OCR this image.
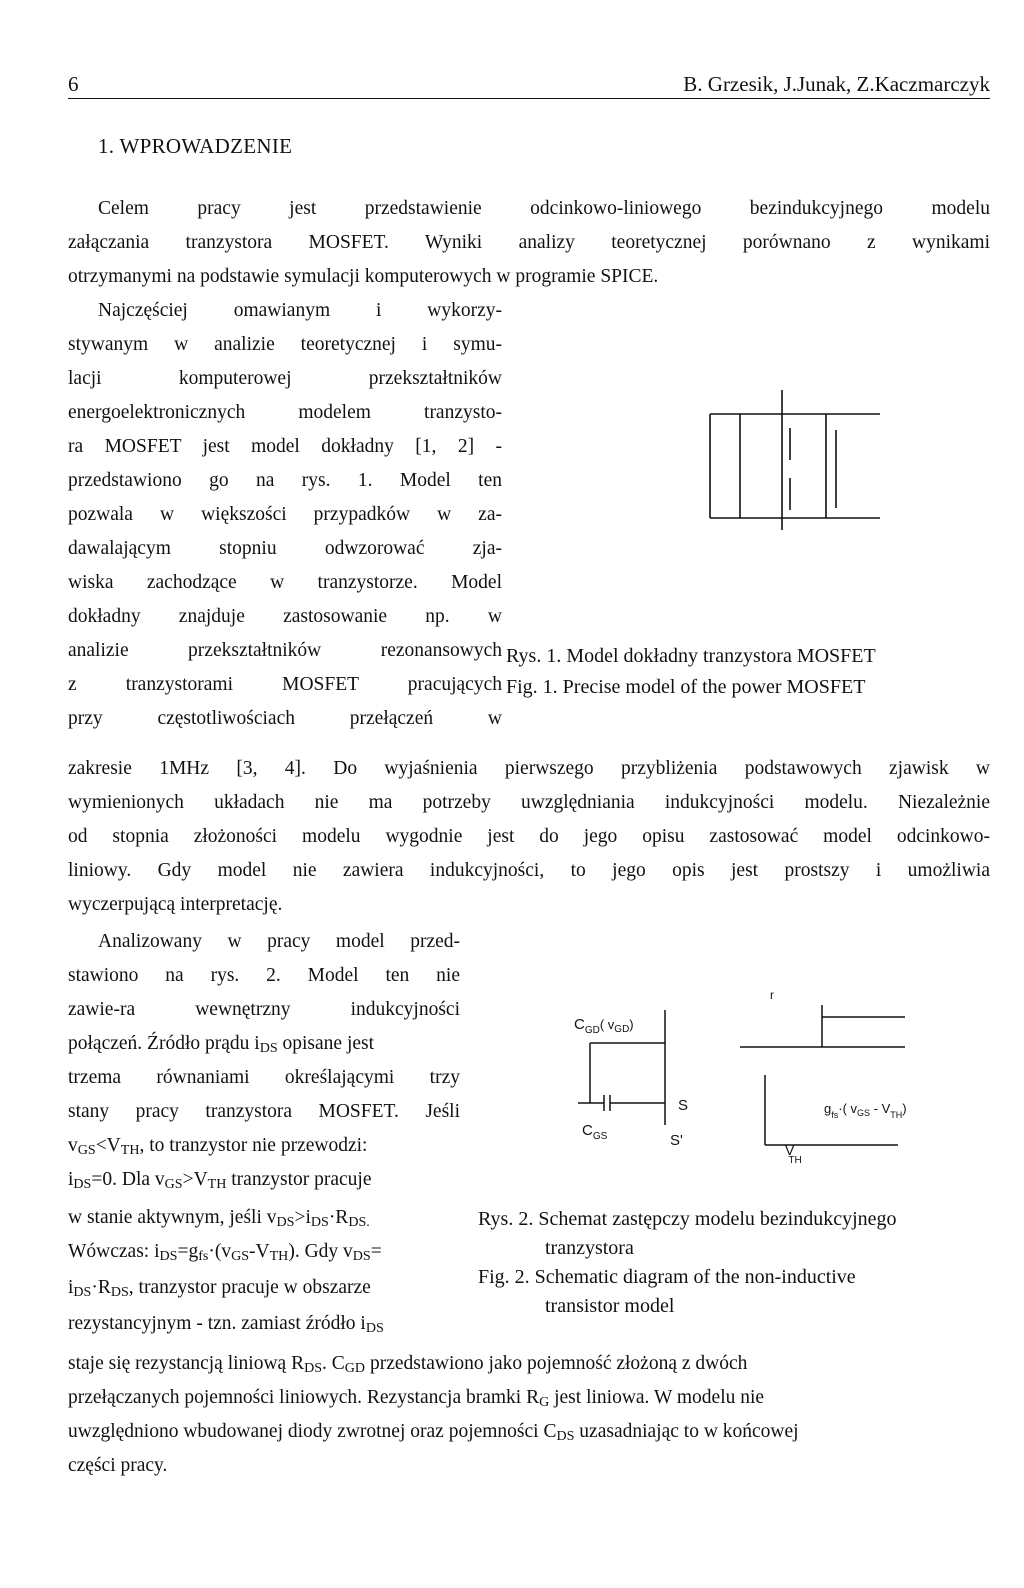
6	B. Grzesik, J.Junak, Z.Kaczmarczyk
1. WPROWADZENIE
Celem pracy jest przedstawienie odcinkowo-liniowego bezindukcyjnego modelu
załączania tranzystora MOSFET. Wyniki analizy teoretycznej porównano z wynikami
otrzymanymi na podstawie symulacji komputerowych w programie SPICE.
Najczęściej omawianym i wykorzy-
stywanym w analizie teoretycznej i symu-
lacji komputerowej przekształtników
energoelektronicznych modelem tranzysto-
ra MOSFET jest model dokładny [1, 2] -
przedstawiono go na rys. 1. Model ten
pozwala w większości przypadków w za-
dawalającym stopniu odwzorować zja-
wiska zachodzące w tranzystorze. Model
dokładny znajduje zastosowanie np. w
analizie przekształtników rezonansowych
z tranzystorami MOSFET pracujących
przy częstotliwościach przełączeń w
Rys. 1. Model dokładny tranzystora MOSFET
Fig. 1. Precise model of the power MOSFET
zakresie 1MHz [3, 4]. Do wyjaśnienia pierwszego przybliżenia podstawowych zjawisk w
wymienionych układach nie ma potrzeby uwzględniania indukcyjności modelu. Niezależnie
od stopnia złożoności modelu wygodnie jest do jego opisu zastosować model odcinkowo-
liniowy. Gdy model nie zawiera indukcyjności, to jego opis jest prostszy i umożliwia
wyczerpującą interpretację.
Analizowany w pracy model przed-
stawiono na rys. 2. Model ten nie
zawie-ra wewnętrzny indukcyjności
połączeń. Źródło prądu iDS opisane jest
trzema równaniami określającymi trzy
stany pracy tranzystora MOSFET. Jeśli
vGS<VTH, to tranzystor nie przewodzi:
iDS=0. Dla vGS>VTH tranzystor pracuje
w stanie aktywnym, jeśli vDS>iDS·RDS.
Wówczas: iDS=gfs·(vGS-VTH). Gdy vDS=
iDS·RDS, tranzystor pracuje w obszarze
rezystancyjnym - tzn. zamiast źródło iDS
$C_{GD}$( $v_{GD}$)
$C_{GS}$
S
S'
V TH
$g_{fs}\cdot$( $v_{GS} - V_{TH}$)
r
Rys. 2. Schemat zastępczy modelu bezindukcyjnego
tranzystora
Fig. 2. Schematic diagram of the non-inductive
transistor model
staje się rezystancją liniową RDS. CGD przedstawiono jako pojemność złożoną z dwóch
przełączanych pojemności liniowych. Rezystancja bramki RG jest liniowa. W modelu nie
uwzględniono wbudowanej diody zwrotnej oraz pojemności CDS uzasadniając to w końcowej
części pracy.
